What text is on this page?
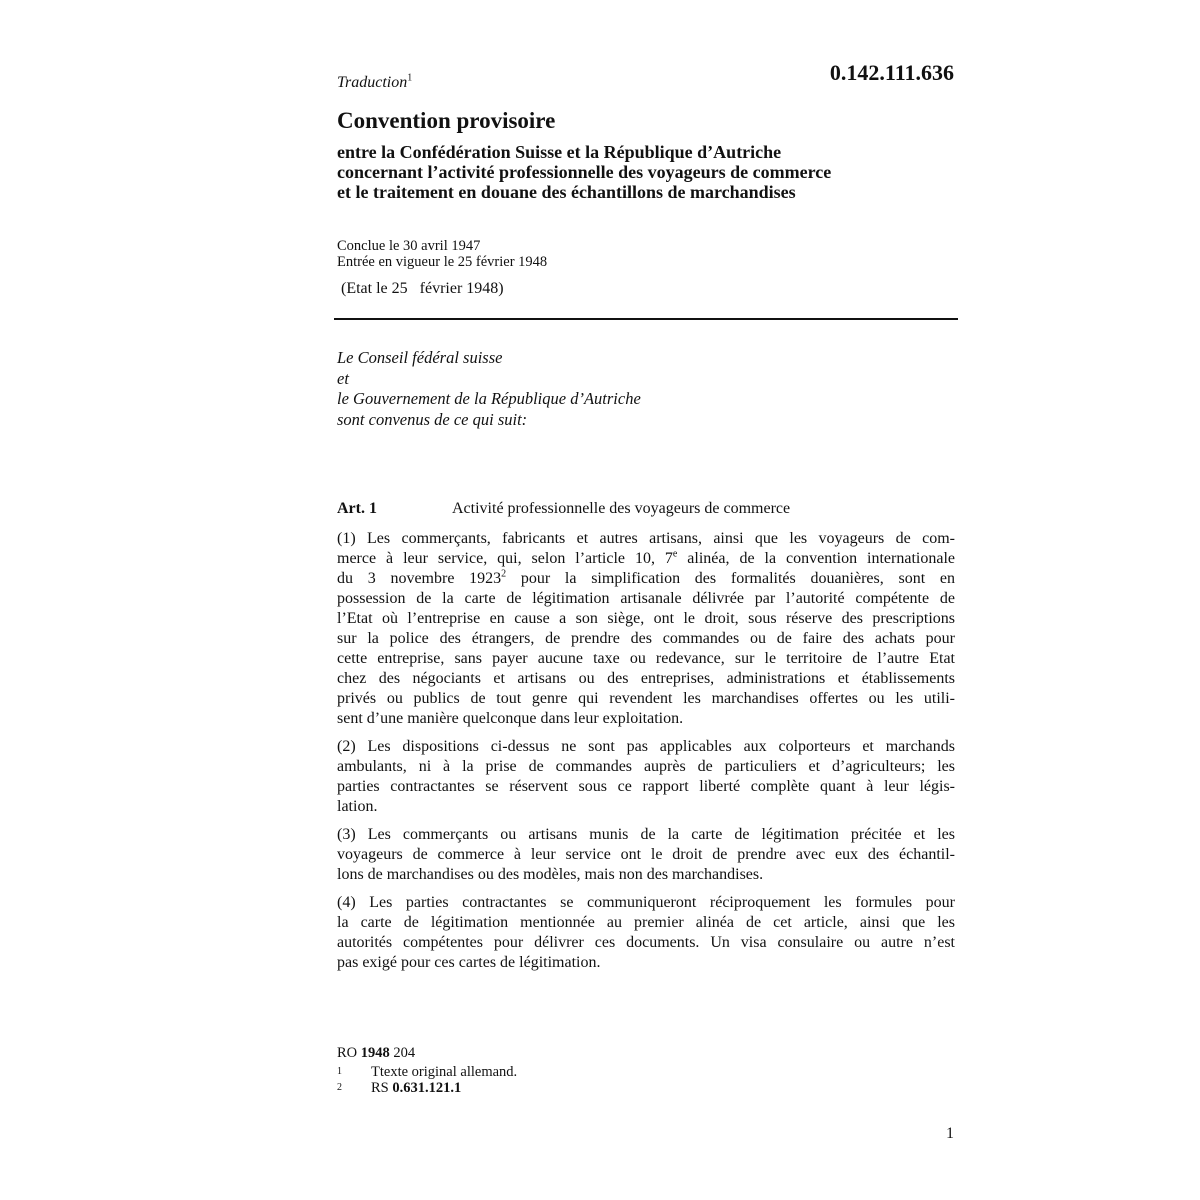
Traduction$^1$	0.142.111.636
Convention provisoire
entre la Confédération Suisse et la République d’Autriche
concernant l’activité professionnelle des voyageurs de commerce
et le traitement en douane des échantillons de marchandises
Conclue le 30 avril 1947
Entrée en vigueur le 25 février 1948
(Etat le 25   février 1948)
Le Conseil fédéral suisse
et
le Gouvernement de la République d’Autriche
sont convenus de ce qui suit:
Art. 1	Activité professionnelle des voyageurs de commerce
(1) Les commerçants, fabricants et autres artisans, ainsi que les voyageurs de com-
merce à leur service, qui, selon l’article 10, 7e alinéa, de la convention internationale
du 3 novembre 1923$^2$ pour la simplification des formalités douanières, sont en
possession de la carte de légitimation artisanale délivrée par l’autorité compétente de
l’Etat où l’entreprise en cause a son siège, ont le droit, sous réserve des prescriptions
sur la police des étrangers, de prendre des commandes ou de faire des achats pour
cette entreprise, sans payer aucune taxe ou redevance, sur le territoire de l’autre Etat
chez des négociants et artisans ou des entreprises, administrations et établissements
privés ou publics de tout genre qui revendent les marchandises offertes ou les utili-
sent d’une manière quelconque dans leur exploitation.
(2) Les dispositions ci-dessus ne sont pas applicables aux colporteurs et marchands
ambulants, ni à la prise de commandes auprès de particuliers et d’agriculteurs; les
parties contractantes se réservent sous ce rapport liberté complète quant à leur légis-
lation.
(3) Les commerçants ou artisans munis de la carte de légitimation précitée et les
voyageurs de commerce à leur service ont le droit de prendre avec eux des échantil-
lons de marchandises ou des modèles, mais non des marchandises.
(4) Les parties contractantes se communiqueront réciproquement les formules pour
la carte de légitimation mentionnée au premier alinéa de cet article, ainsi que les
autorités compétentes pour délivrer ces documents. Un visa consulaire ou autre n’est
pas exigé pour ces cartes de légitimation.
RO 1948 204
1 Ttexte original allemand.
2 RS 0.631.121.1
1
